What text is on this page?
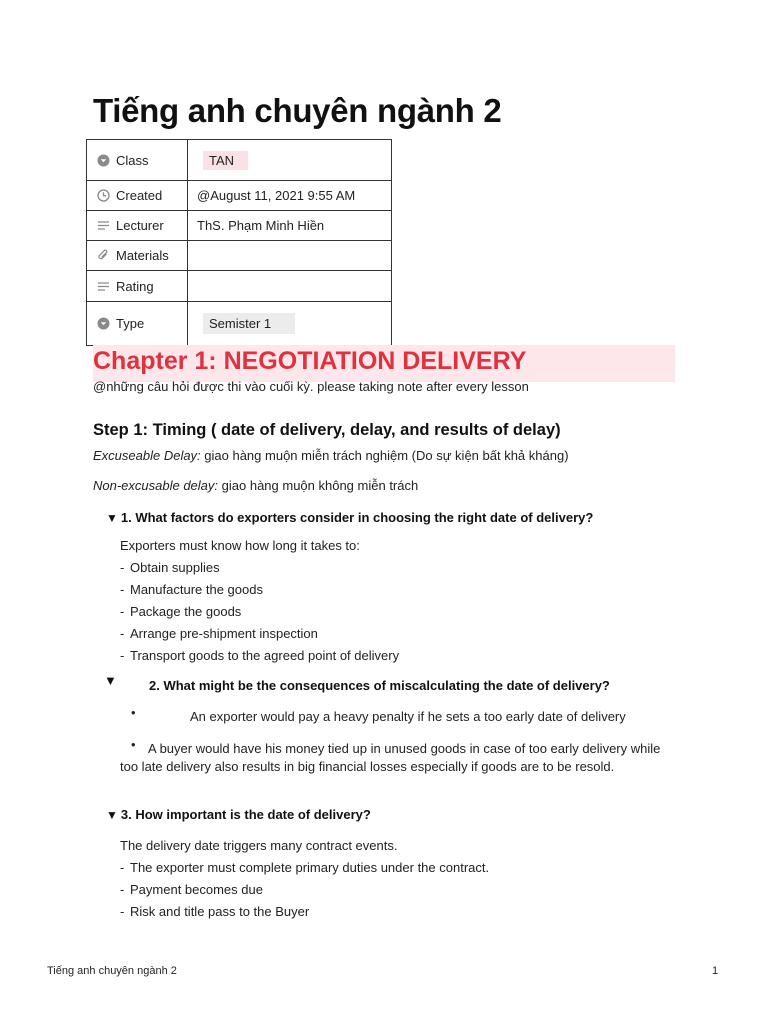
Tiếng anh chuyên ngành 2
Class	TAN

Created	@August 11, 2021 9:55 AM

Lecturer	ThS. Phạm Minh Hiền

Materials	

Rating	

Type	Semister 1
Chapter 1: NEGOTIATION DELIVERY
@những câu hỏi được thi vào cuối kỳ. please taking note after every lesson
Step 1: Timing ( date of delivery, delay, and results of delay)
Excuseable Delay: giao hàng muộn miễn trách nghiệm (Do sự kiện bất khả kháng)
Non-excusable delay: giao hàng muộn không miễn trách
▼ 1. What factors do exporters consider in choosing the right date of delivery?
Exporters must know how long it takes to:
- Obtain supplies
- Manufacture the goods
- Package the goods
- Arrange pre-shipment inspection
- Transport goods to the agreed point of delivery
▼ 2. What might be the consequences of miscalculating the date of delivery?
•	An exporter would pay a heavy penalty if he sets a too early date of delivery
• A buyer would have his money tied up in unused goods in case of too early delivery while too late delivery also results in big financial losses especially if goods are to be resold.
▼ 3. How important is the date of delivery?
The delivery date triggers many contract events.
- The exporter must complete primary duties under the contract.
- Payment becomes due
- Risk and title pass to the Buyer
Tiếng anh chuyên ngành 2	1
